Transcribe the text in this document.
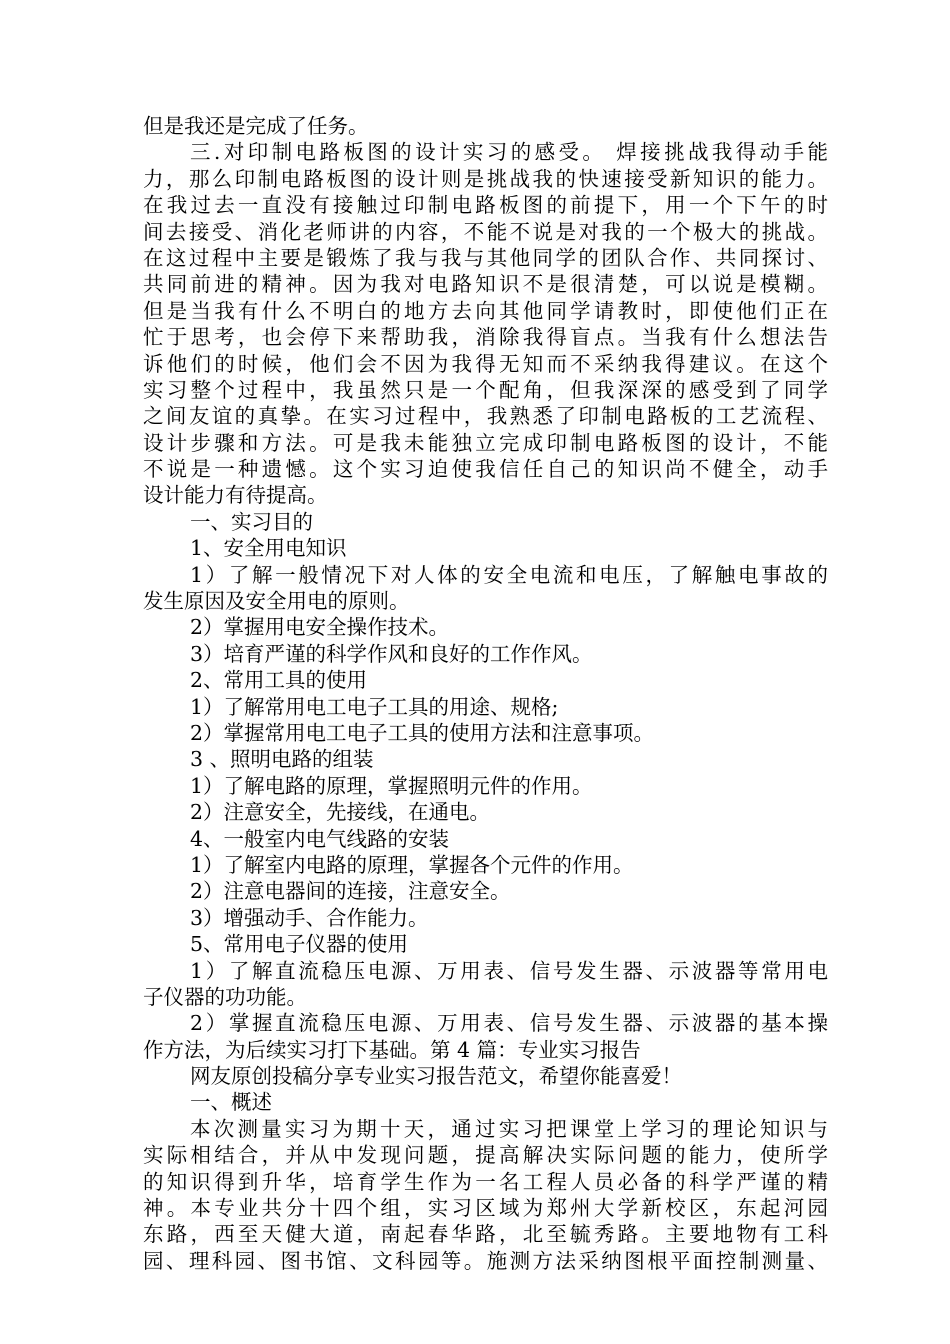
但是我还是完成了任务。
三.对印制电路板图的设计实习的感受。 焊接挑战我得动手能
力，那么印制电路板图的设计则是挑战我的快速接受新知识的能力。
在我过去一直没有接触过印制电路板图的前提下，用一个下午的时
间去接受、消化老师讲的内容，不能不说是对我的一个极大的挑战。
在这过程中主要是锻炼了我与我与其他同学的团队合作、共同探讨、
共同前进的精神。因为我对电路知识不是很清楚，可以说是模糊。
但是当我有什么不明白的地方去向其他同学请教时，即使他们正在
忙于思考，也会停下来帮助我，消除我得盲点。当我有什么想法告
诉他们的时候，他们会不因为我得无知而不采纳我得建议。在这个
实习整个过程中，我虽然只是一个配角，但我深深的感受到了同学
之间友谊的真挚。在实习过程中，我熟悉了印制电路板的工艺流程、
设计步骤和方法。可是我未能独立完成印制电路板图的设计，不能
不说是一种遗憾。这个实习迫使我信任自己的知识尚不健全，动手
设计能力有待提高。
一、实习目的
1、安全用电知识
1）了解一般情况下对人体的安全电流和电压，了解触电事故的
发生原因及安全用电的原则。
2）掌握用电安全操作技术。
3）培育严谨的科学作风和良好的工作作风。
2、常用工具的使用
1）了解常用电工电子工具的用途、规格;
2）掌握常用电工电子工具的使用方法和注意事项。
3 、照明电路的组装
1）了解电路的原理，掌握照明元件的作用。
2）注意安全，先接线，在通电。
4、一般室内电气线路的安装
1）了解室内电路的原理，掌握各个元件的作用。
2）注意电器间的连接，注意安全。
3）增强动手、合作能力。
5、常用电子仪器的使用
1）了解直流稳压电源、万用表、信号发生器、示波器等常用电
子仪器的功功能。
2）掌握直流稳压电源、万用表、信号发生器、示波器的基本操
作方法，为后续实习打下基础。第 4 篇：专业实习报告
网友原创投稿分享专业实习报告范文，希望你能喜爱！
一、概述
本次测量实习为期十天，通过实习把课堂上学习的理论知识与
实际相结合，并从中发现问题，提高解决实际问题的能力，使所学
的知识得到升华，培育学生作为一名工程人员必备的科学严谨的精
神。本专业共分十四个组，实习区域为郑州大学新校区，东起河园
东路，西至天健大道，南起春华路，北至毓秀路。主要地物有工科
园、理科园、图书馆、文科园等。施测方法采纳图根平面控制测量、
